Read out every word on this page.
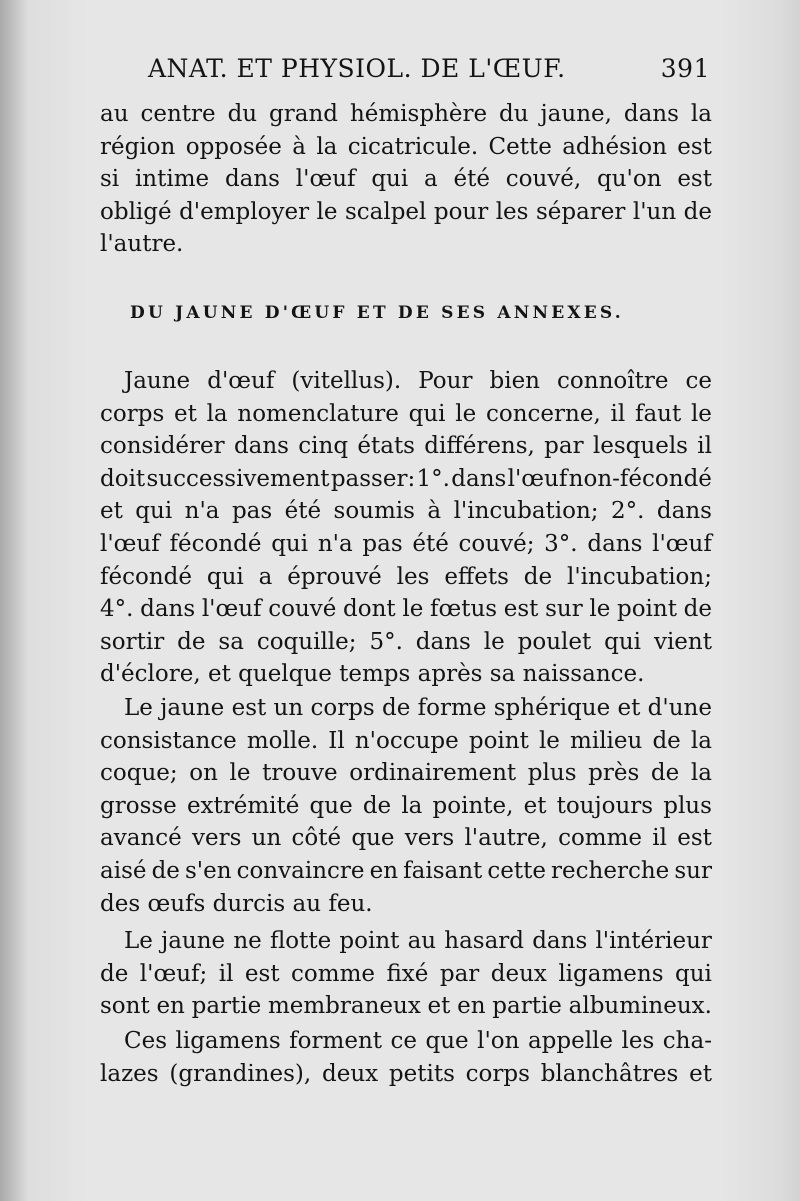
ANAT. ET PHYSIOL. DE L'ŒUF.	391
au centre du grand hémisphère du jaune, dans la
région opposée à la cicatricule. Cette adhésion est
si intime dans l'œuf qui a été couvé, qu'on est
obligé d'employer le scalpel pour les séparer l'un de
l'autre.
DU JAUNE D'ŒUF ET DE SES ANNEXES.
Jaune d'œuf (vitellus). Pour bien connoître ce
corps et la nomenclature qui le concerne, il faut le
considérer dans cinq états différens, par lesquels il
doit successivement passer: 1°. dans l'œuf non-fécondé
et qui n'a pas été soumis à l'incubation; 2°. dans
l'œuf fécondé qui n'a pas été couvé; 3°. dans l'œuf
fécondé qui a éprouvé les effets de l'incubation;
4°. dans l'œuf couvé dont le fœtus est sur le point de
sortir de sa coquille; 5°. dans le poulet qui vient
d'éclore, et quelque temps après sa naissance.
Le jaune est un corps de forme sphérique et d'une
consistance molle. Il n'occupe point le milieu de la
coque; on le trouve ordinairement plus près de la
grosse extrémité que de la pointe, et toujours plus
avancé vers un côté que vers l'autre, comme il est
aisé de s'en convaincre en faisant cette recherche sur
des œufs durcis au feu.
Le jaune ne flotte point au hasard dans l'intérieur
de l'œuf; il est comme fixé par deux ligamens qui
sont en partie membraneux et en partie albumineux.
Ces ligamens forment ce que l'on appelle les cha-
lazes (grandines), deux petits corps blanchâtres et
